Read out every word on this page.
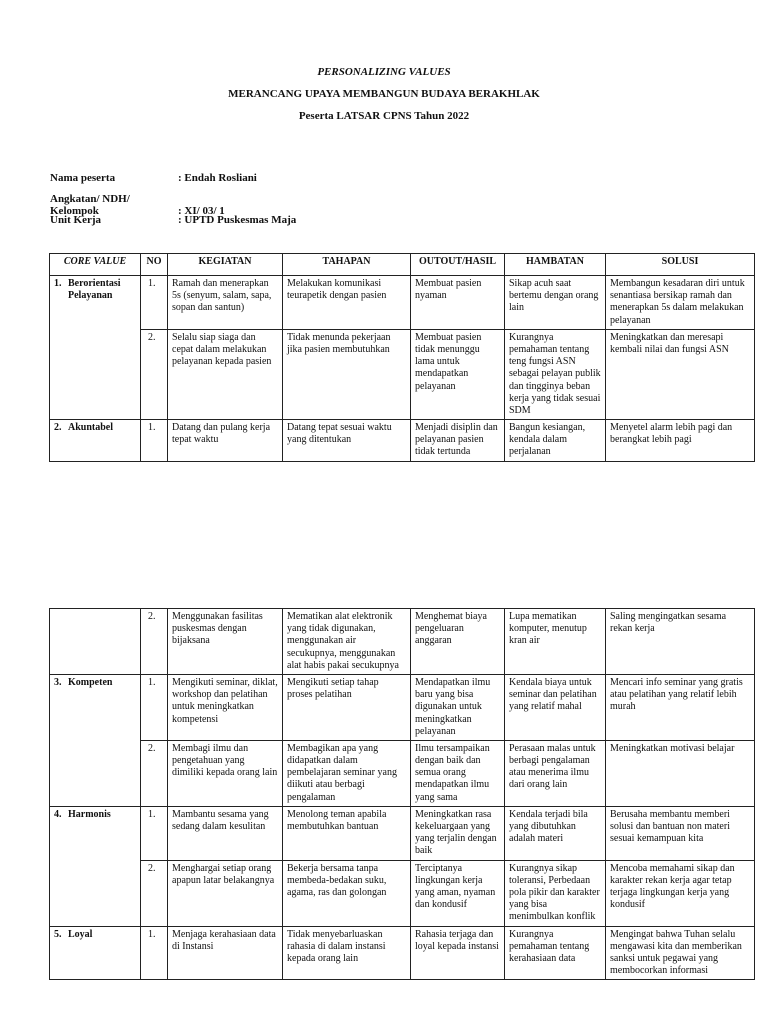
PERSONALIZING VALUES
MERANCANG UPAYA MEMBANGUN BUDAYA BERAKHLAK
Peserta LATSAR CPNS Tahun 2022
Nama peserta	: Endah Rosliani
Angkatan/ NDH/ Kelompok	: XI/ 03/ 1
Unit Kerja	: UPTD Puskesmas Maja
CORE VALUE	NO	KEGIATAN	TAHAPAN	OUTOUT/HASIL	HAMBATAN	SOLUSI
1. Berorientasi Pelayanan	1.	Ramah dan menerapkan 5s (senyum, salam, sapa, sopan dan santun)	Melakukan komunikasi teurapetik dengan pasien	Membuat pasien nyaman	Sikap acuh saat bertemu dengan orang lain	Membangun kesadaran diri untuk senantiasa bersikap ramah dan menerapkan 5s dalam melakukan pelayanan
	2.	Selalu siap siaga dan cepat dalam melakukan pelayanan kepada pasien	Tidak menunda pekerjaan jika pasien membutuhkan	Membuat pasien tidak menunggu lama untuk mendapatkan pelayanan	Kurangnya pemahaman tentang teng fungsi ASN sebagai pelayan publik dan tingginya beban kerja yang tidak sesuai SDM	Meningkatkan dan meresapi kembali nilai dan fungsi ASN
2. Akuntabel	1.	Datang dan pulang kerja tepat waktu	Datang tepat sesuai waktu yang ditentukan	Menjadi disiplin dan pelayanan pasien tidak tertunda	Bangun kesiangan, kendala dalam perjalanan	Menyetel alarm lebih pagi dan berangkat lebih pagi
	2.	Menggunakan fasilitas puskesmas dengan bijaksana	Mematikan alat elektronik yang tidak digunakan, menggunakan air secukupnya, menggunakan alat habis pakai secukupnya	Menghemat biaya pengeluaran anggaran	Lupa mematikan komputer, menutup kran air	Saling mengingatkan sesama rekan kerja
3. Kompeten	1.	Mengikuti seminar, diklat, workshop dan pelatihan untuk meningkatkan kompetensi	Mengikuti setiap tahap proses pelatihan	Mendapatkan ilmu baru yang bisa digunakan untuk meningkatkan pelayanan	Kendala biaya untuk seminar dan pelatihan yang relatif mahal	Mencari info seminar yang gratis atau pelatihan yang relatif lebih murah
	2.	Membagi ilmu dan pengetahuan yang dimiliki kepada orang lain	Membagikan apa yang didapatkan dalam pembelajaran seminar yang diikuti atau berbagi pengalaman	Ilmu tersampaikan dengan baik dan semua orang mendapatkan ilmu yang sama	Perasaan malas untuk berbagi pengalaman atau menerima ilmu dari orang lain	Meningkatkan motivasi belajar
4. Harmonis	1.	Mambantu sesama yang sedang dalam kesulitan	Menolong teman apabila membutuhkan bantuan	Meningkatkan rasa kekeluargaan yang yang terjalin dengan baik	Kendala terjadi bila yang dibutuhkan adalah materi	Berusaha membantu memberi solusi dan bantuan non materi sesuai kemampuan kita
	2.	Menghargai setiap orang apapun latar belakangnya	Bekerja bersama tanpa membeda-bedakan suku, agama, ras dan golongan	Terciptanya lingkungan kerja yang aman, nyaman dan kondusif	Kurangnya sikap toleransi, Perbedaan pola pikir dan karakter yang bisa menimbulkan konflik	Mencoba memahami sikap dan karakter rekan kerja agar tetap terjaga lingkungan kerja yang kondusif
5. Loyal	1.	Menjaga kerahasiaan data di Instansi	Tidak menyebarluaskan rahasia di dalam instansi kepada orang lain	Rahasia terjaga dan loyal kepada instansi	Kurangnya pemahaman tentang kerahasiaan data	Mengingat bahwa Tuhan selalu mengawasi kita dan memberikan sanksi untuk pegawai yang membocorkan informasi
